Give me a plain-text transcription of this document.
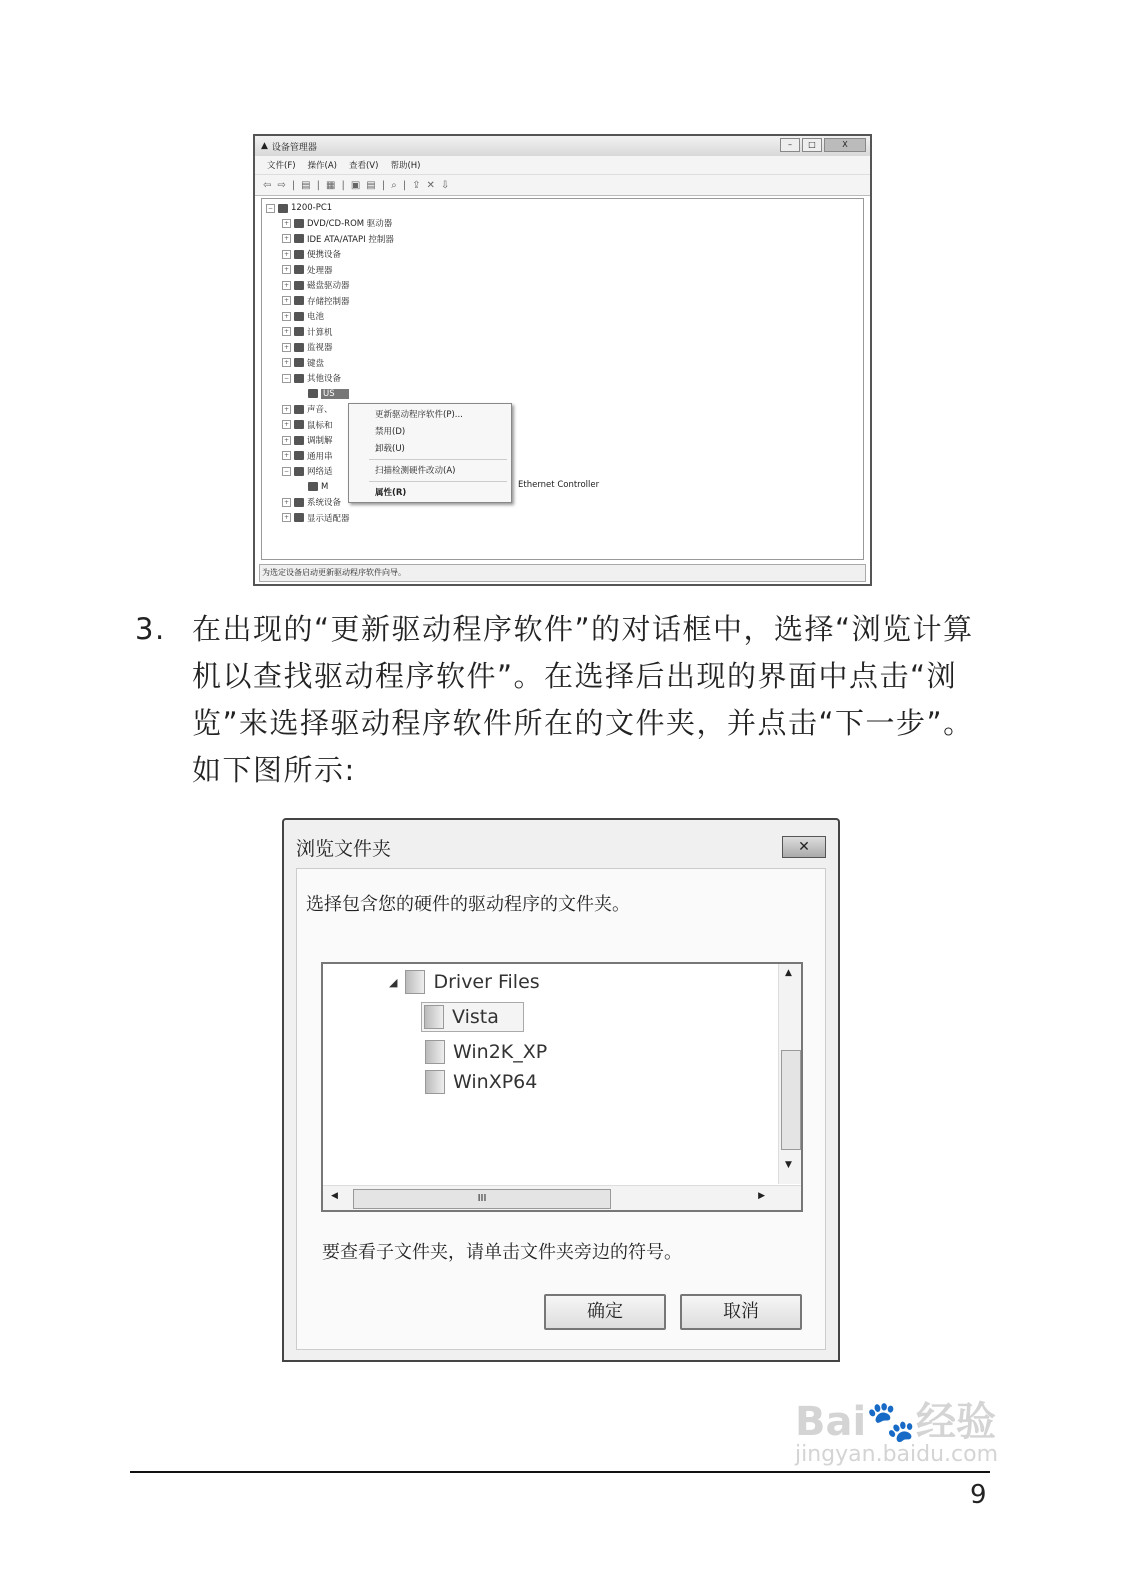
▲ 设备管理器	–	□	X
文件(F) 操作(A) 查看(V) 帮助(H)
⇦ ⇨ | ▤ | ▦ | ▣ ▤ | ⌕ | ⇪ ✕ ⇩
− 1200-PC1
+ DVD/CD-ROM 驱动器
+ IDE ATA/ATAPI 控制器
+ 便携设备
+ 处理器
+ 磁盘驱动器
+ 存储控制器
+ 电池
+ 计算机
+ 监视器
+ 键盘
− 其他设备
US
+ 声音、
+ 鼠标和
+ 调制解
+ 通用串
− 网络适
M
+ 系统设备
+ 显示适配器
更新驱动程序软件(P)...
禁用(D)
卸载(U)
扫描检测硬件改动(A)
属性(R)
Ethernet Controller
为选定设备启动更新驱动程序软件向导。
3. 在出现的“更新驱动程序软件”的对话框中，选择“浏览计算机以查找驱动程序软件”。在选择后出现的界面中点击“浏览”来选择驱动程序软件所在的文件夹，并点击“下一步”。如下图所示:
浏览文件夹	✕
选择包含您的硬件的驱动程序的文件夹。
◢ Driver Files
Vista
Win2K_XP
WinXP64
▲
▼
◀	III	▶
要查看子文件夹，请单击文件夹旁边的符号。
确定	取消
9
Bai🐾经验
jingyan.baidu.com
